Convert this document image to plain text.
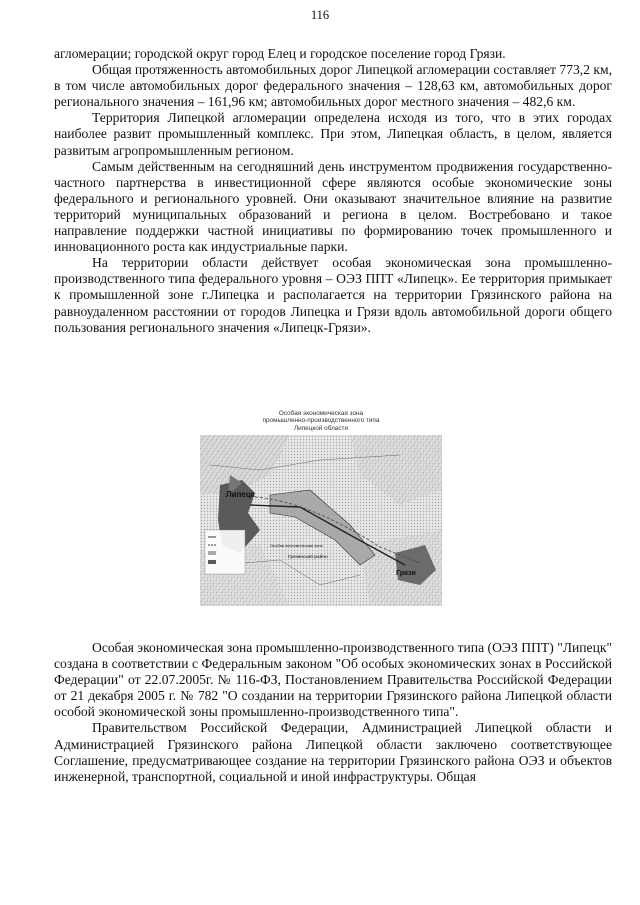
116

агломерации; городской округ город Елец и городское поселение город Грязи.

Общая протяженность автомобильных дорог Липецкой агломерации составляет 773,2 км, в том числе автомобильных дорог федерального значения – 128,63 км, автомобильных дорог регионального значения – 161,96 км; автомобильных дорог местного значения – 482,6 км.

Территория Липецкой агломерации определена исходя из того, что в этих городах наиболее развит промышленный комплекс. При этом, Липецкая область, в целом, является развитым агропромышленным регионом.

Самым действенным на сегодняшний день инструментом продвижения государственно-частного партнерства в инвестиционной сфере являются особые экономические зоны федерального и регионального уровней. Они оказывают значительное влияние на развитие территорий муниципальных образований и региона в целом. Востребовано и такое направление поддержки частной инициативы по формированию точек промышленного и инновационного роста как индустриальные парки.

На территории области действует особая экономическая зона промышленно-производственного типа федерального уровня – ОЭЗ ППТ «Липецк». Ее территория примыкает к промышленной зоне г.Липецка и располагается на территории Грязинского района на равноудаленном расстоянии от городов Липецка и Грязи вдоль автомобильной дороги общего пользования регионального значения «Липецк-Грязи».

Особая экономическая зона
промышленно-производственного типа
Липецкой области
Липецк
Грязи
Грязинский район
Особая экономическая зона

Особая экономическая зона промышленно-производственного типа (ОЭЗ ППТ) "Липецк" создана в соответствии с Федеральным законом "Об особых экономических зонах в Российской Федерации" от 22.07.2005г. № 116-ФЗ, Постановлением Правительства Российской Федерации от 21 декабря 2005 г. № 782 "О создании на территории Грязинского района Липецкой области особой экономической зоны промышленно-производственного типа".

Правительством Российской Федерации, Администрацией Липецкой области и Администрацией Грязинского района Липецкой области заключено соответствующее Соглашение, предусматривающее создание на территории Грязинского района ОЭЗ и объектов инженерной, транспортной, социальной и иной инфраструктуры. Общая
